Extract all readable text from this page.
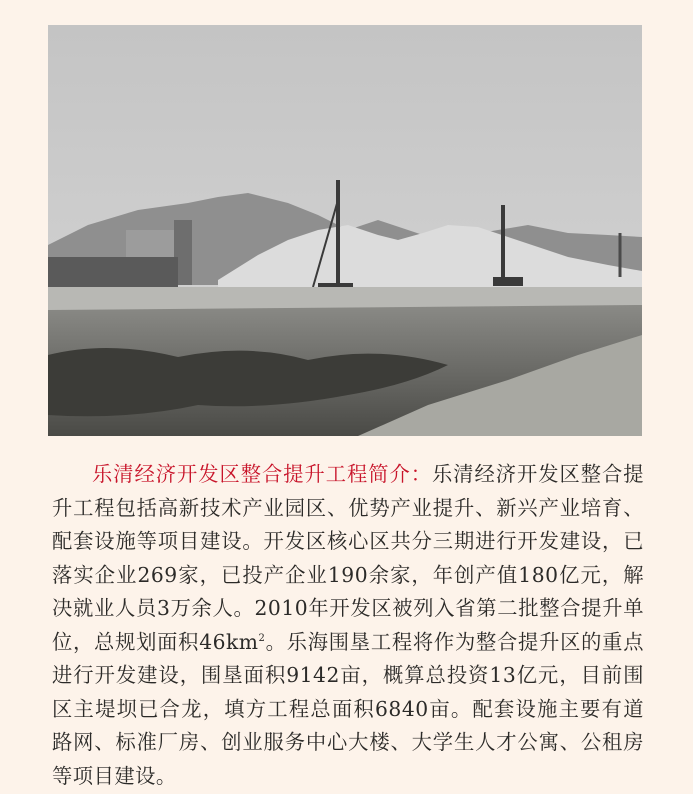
乐清经济开发区整合提升工程简介：乐清经济开发区整合提升工程包括高新技术产业园区、优势产业提升、新兴产业培育、配套设施等项目建设。开发区核心区共分三期进行开发建设，已落实企业269家，已投产企业190余家，年创产值180亿元，解决就业人员3万余人。2010年开发区被列入省第二批整合提升单位，总规划面积$46km^2$。乐海围垦工程将作为整合提升区的重点进行开发建设，围垦面积9142亩，概算总投资13亿元，目前围区主堤坝已合龙，填方工程总面积6840亩。配套设施主要有道路网、标准厂房、创业服务中心大楼、大学生人才公寓、公租房等项目建设。
